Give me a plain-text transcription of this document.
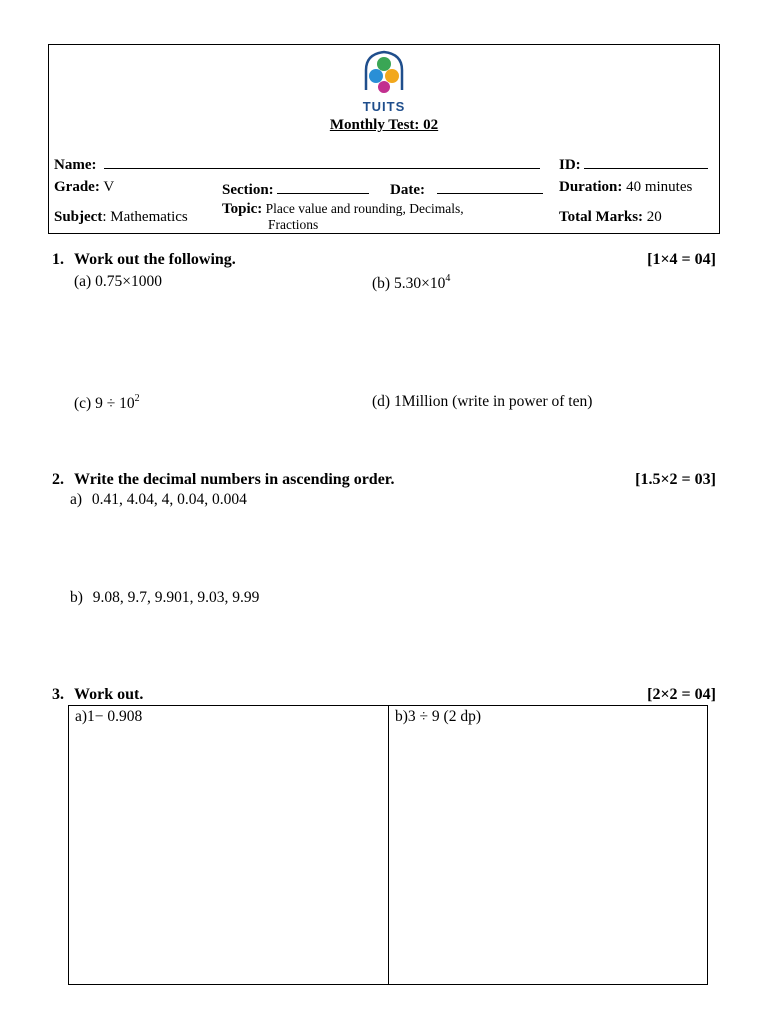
TUITS
Monthly Test: 02
Name:	ID:
Grade: V	Section:	Date:	Duration: 40 minutes
Subject: Mathematics Topic: Place value and rounding, Decimals,
Fractions	Total Marks: 20
1. Work out the following.	[1×4 = 04]
(a) 0.75×1000	(b) $5.30\times 10^4$
(c) $9 \div 10^2$	(d) 1Million (write in power of ten)
2. Write the decimal numbers in ascending order.	[1.5×2 = 03]
a) 0.41, 4.04, 4, 0.04, 0.004
b) 9.08, 9.7, 9.901, 9.03, 9.99
3. Work out.	[2×2 = 04]
a)1− 0.908	b)3 ÷ 9 (2 dp)
